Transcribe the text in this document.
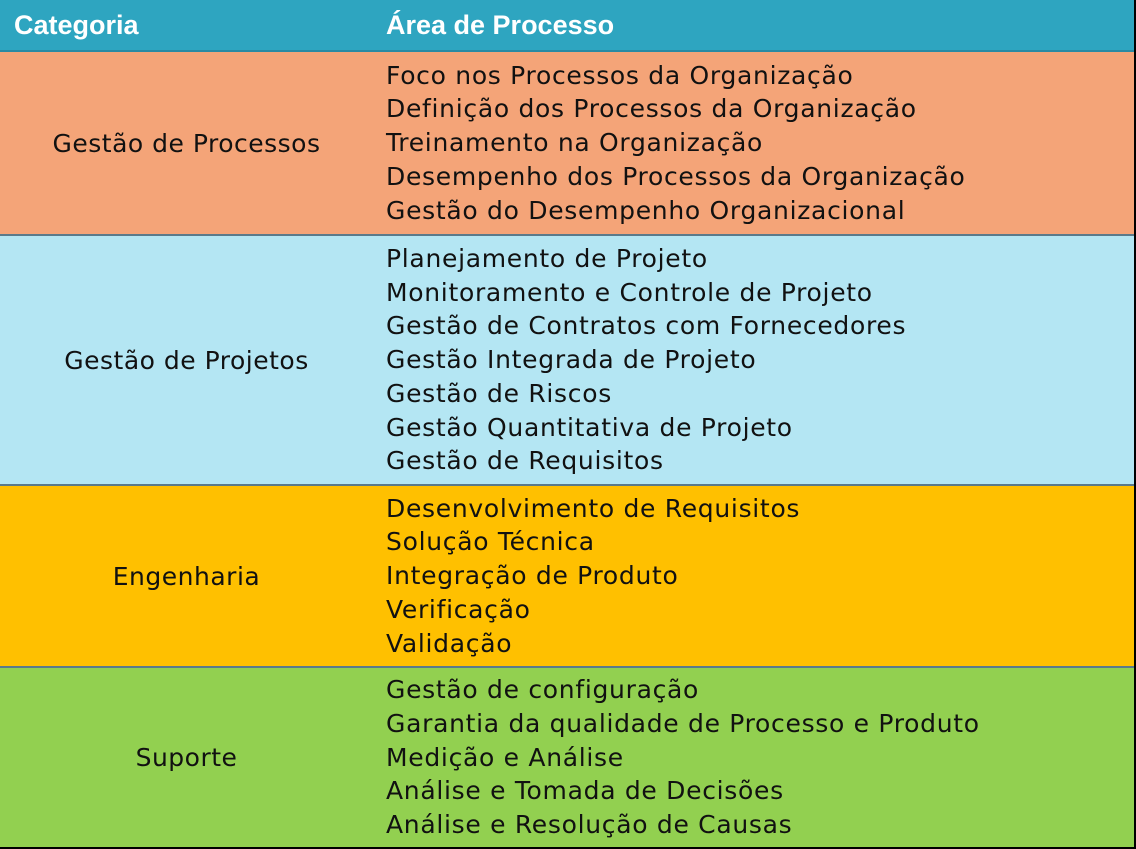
Categoria	Área de Processo
Gestão de Processos
Foco nos Processos da Organização
Definição dos Processos da Organização
Treinamento na Organização
Desempenho dos Processos da Organização
Gestão do Desempenho Organizacional
Gestão de Projetos
Planejamento de Projeto
Monitoramento e Controle de Projeto
Gestão de Contratos com Fornecedores
Gestão Integrada de Projeto
Gestão de Riscos
Gestão Quantitativa de Projeto
Gestão de Requisitos
Engenharia
Desenvolvimento de Requisitos
Solução Técnica
Integração de Produto
Verificação
Validação
Suporte
Gestão de configuração
Garantia da qualidade de Processo e Produto
Medição e Análise
Análise e Tomada de Decisões
Análise e Resolução de Causas
